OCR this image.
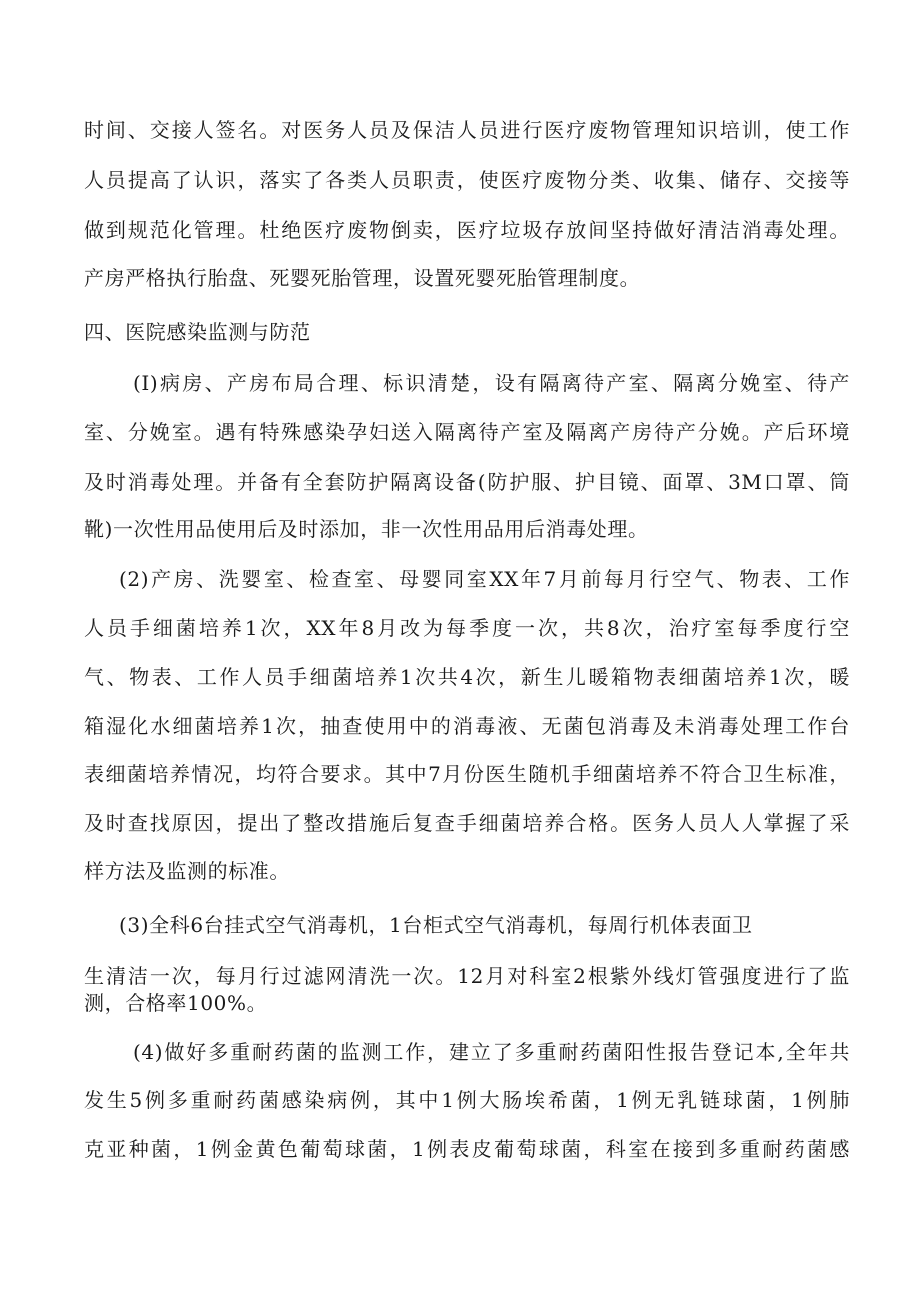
时间、交接人签名。对医务人员及保洁人员进行医疗废物管理知识培训，使工作
人员提高了认识，落实了各类人员职责，使医疗废物分类、收集、储存、交接等
做到规范化管理。杜绝医疗废物倒卖，医疗垃圾存放间坚持做好清洁消毒处理。
产房严格执行胎盘、死婴死胎管理，设置死婴死胎管理制度。
四、医院感染监测与防范
(I)病房、产房布局合理、标识清楚，设有隔离待产室、隔离分娩室、待产
室、分娩室。遇有特殊感染孕妇送入隔离待产室及隔离产房待产分娩。产后环境
及时消毒处理。并备有全套防护隔离设备(防护服、护目镜、面罩、3M口罩、筒
靴)一次性用品使用后及时添加，非一次性用品用后消毒处理。
(2)产房、洗婴室、检查室、母婴同室XX年7月前每月行空气、物表、工作
人员手细菌培养1次，XX年8月改为每季度一次，共8次，治疗室每季度行空
气、物表、工作人员手细菌培养1次共4次，新生儿暖箱物表细菌培养1次，暖
箱湿化水细菌培养1次，抽查使用中的消毒液、无菌包消毒及未消毒处理工作台
表细菌培养情况，均符合要求。其中7月份医生随机手细菌培养不符合卫生标准，
及时查找原因，提出了整改措施后复查手细菌培养合格。医务人员人人掌握了采
样方法及监测的标准。
(3)全科6台挂式空气消毒机，1台柜式空气消毒机，每周行机体表面卫
生清洁一次，每月行过滤网清洗一次。12月对科室2根紫外线灯管强度进行了监
测，合格率100%。
(4)做好多重耐药菌的监测工作，建立了多重耐药菌阳性报告登记本,全年共
发生5例多重耐药菌感染病例，其中1例大肠埃希菌，1例无乳链球菌，1例肺
克亚种菌，1例金黄色葡萄球菌，1例表皮葡萄球菌，科室在接到多重耐药菌感
